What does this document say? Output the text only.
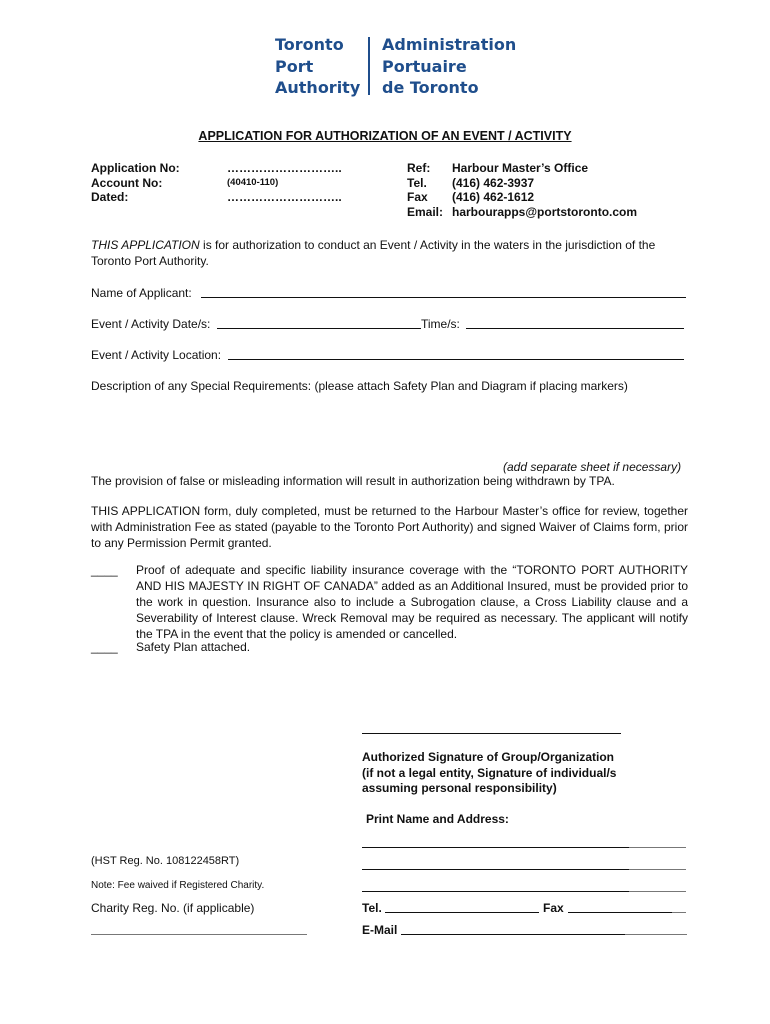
Toronto
Port
Authority
Administration
Portuaire
de Toronto
APPLICATION FOR AUTHORIZATION OF AN EVENT / ACTIVITY
Application No:
Account No:
Dated:
………………………..
(40410-110)
………………………..
Ref:
Tel.
Fax
Email:
Harbour Master’s Office
(416) 462-3937
(416) 462-1612
harbourapps@portstoronto.com
THIS APPLICATION is for authorization to conduct an Event / Activity in the waters in the jurisdiction of the
Toronto Port Authority.
Name of Applicant:
Event / Activity Date/s:	Time/s:
Event / Activity Location:
Description of any Special Requirements: (please attach Safety Plan and Diagram if placing markers)
(add separate sheet if necessary)
The provision of false or misleading information will result in authorization being withdrawn by TPA.
THIS APPLICATION form, duly completed, must be returned to the Harbour Master’s office for review, together with Administration Fee as stated (payable to the Toronto Port Authority) and signed Waiver of Claims form, prior to any Permission Permit granted.
____ Proof of adequate and specific liability insurance coverage with the “TORONTO PORT AUTHORITY AND HIS MAJESTY IN RIGHT OF CANADA” added as an Additional Insured, must be provided prior to the work in question. Insurance also to include a Subrogation clause, a Cross Liability clause and a Severability of Interest clause. Wreck Removal may be required as necessary. The applicant will notify the TPA in the event that the policy is amended or cancelled.
____ Safety Plan attached.
Authorized Signature of Group/Organization
(if not a legal entity, Signature of individual/s
assuming personal responsibility)
Print Name and Address:
Tel.	Fax
E-Mail
(HST Reg. No. 108122458RT)
Note: Fee waived if Registered Charity.
Charity Reg. No. (if applicable)
